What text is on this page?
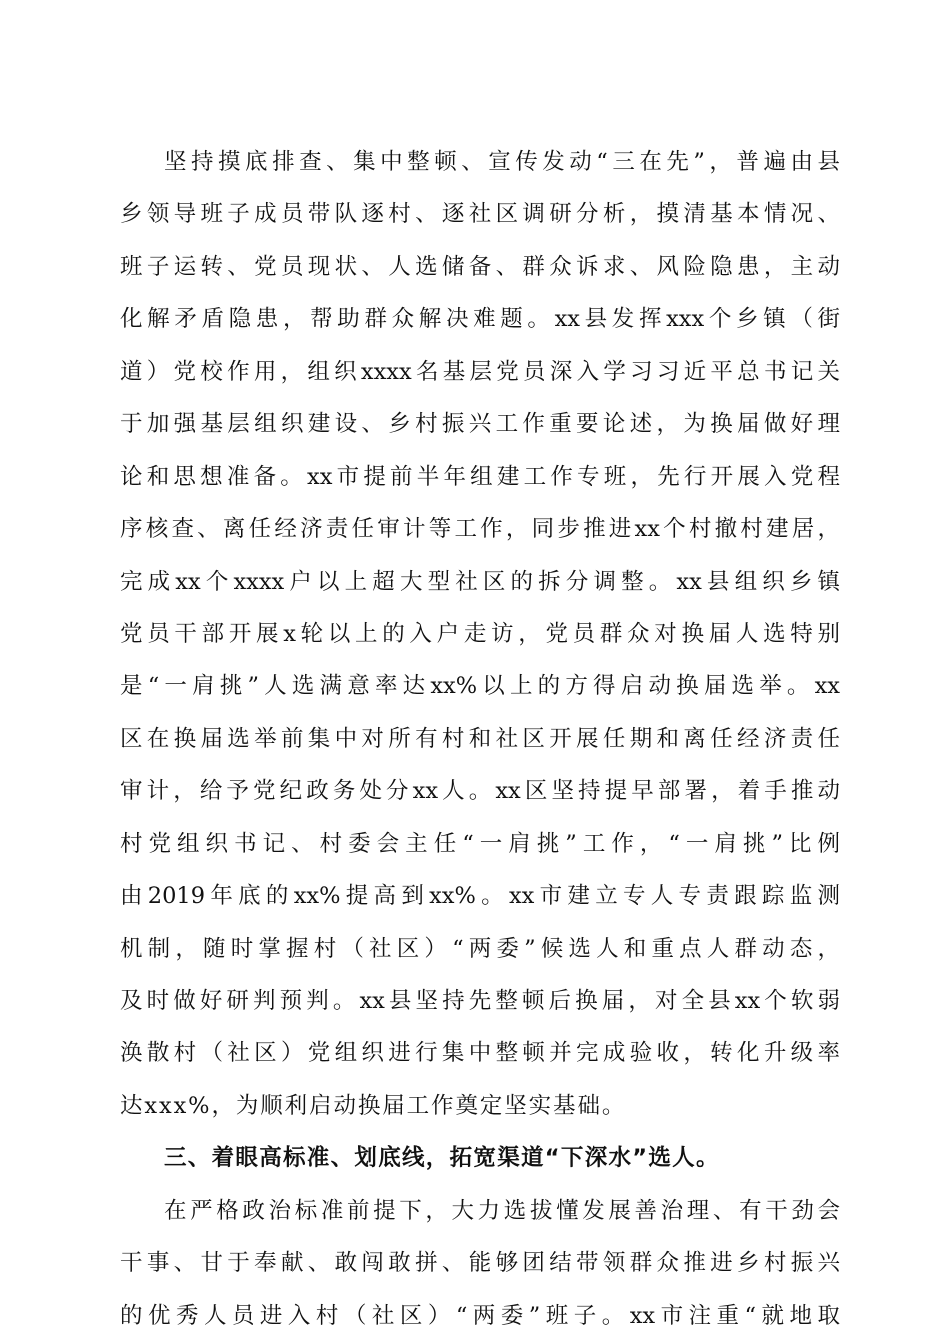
坚持摸底排查、集中整顿、宣传发动“三在先”，普遍由县
乡领导班子成员带队逐村、逐社区调研分析，摸清基本情况、
班子运转、党员现状、人选储备、群众诉求、风险隐患，主动
化解矛盾隐患，帮助群众解决难题。xx县发挥xxx个乡镇（街
道）党校作用，组织xxxx名基层党员深入学习习近平总书记关
于加强基层组织建设、乡村振兴工作重要论述，为换届做好理
论和思想准备。xx市提前半年组建工作专班，先行开展入党程
序核查、离任经济责任审计等工作，同步推进xx个村撤村建居，
完成xx个xxxx户以上超大型社区的拆分调整。xx县组织乡镇
党员干部开展x轮以上的入户走访，党员群众对换届人选特别
是“一肩挑”人选满意率达xx%以上的方得启动换届选举。xx
区在换届选举前集中对所有村和社区开展任期和离任经济责任
审计，给予党纪政务处分xx人。xx区坚持提早部署，着手推动
村党组织书记、村委会主任“一肩挑”工作，“一肩挑”比例
由2019年底的xx%提高到xx%。xx市建立专人专责跟踪监测
机制，随时掌握村（社区）“两委”候选人和重点人群动态，
及时做好研判预判。xx县坚持先整顿后换届，对全县xx个软弱
涣散村（社区）党组织进行集中整顿并完成验收，转化升级率
达xxx%，为顺利启动换届工作奠定坚实基础。
三、着眼高标准、划底线，拓宽渠道“下深水”选人。
在严格政治标准前提下，大力选拔懂发展善治理、有干劲会
干事、甘于奉献、敢闯敢拼、能够团结带领群众推进乡村振兴
的优秀人员进入村（社区）“两委”班子。xx市注重“就地取
